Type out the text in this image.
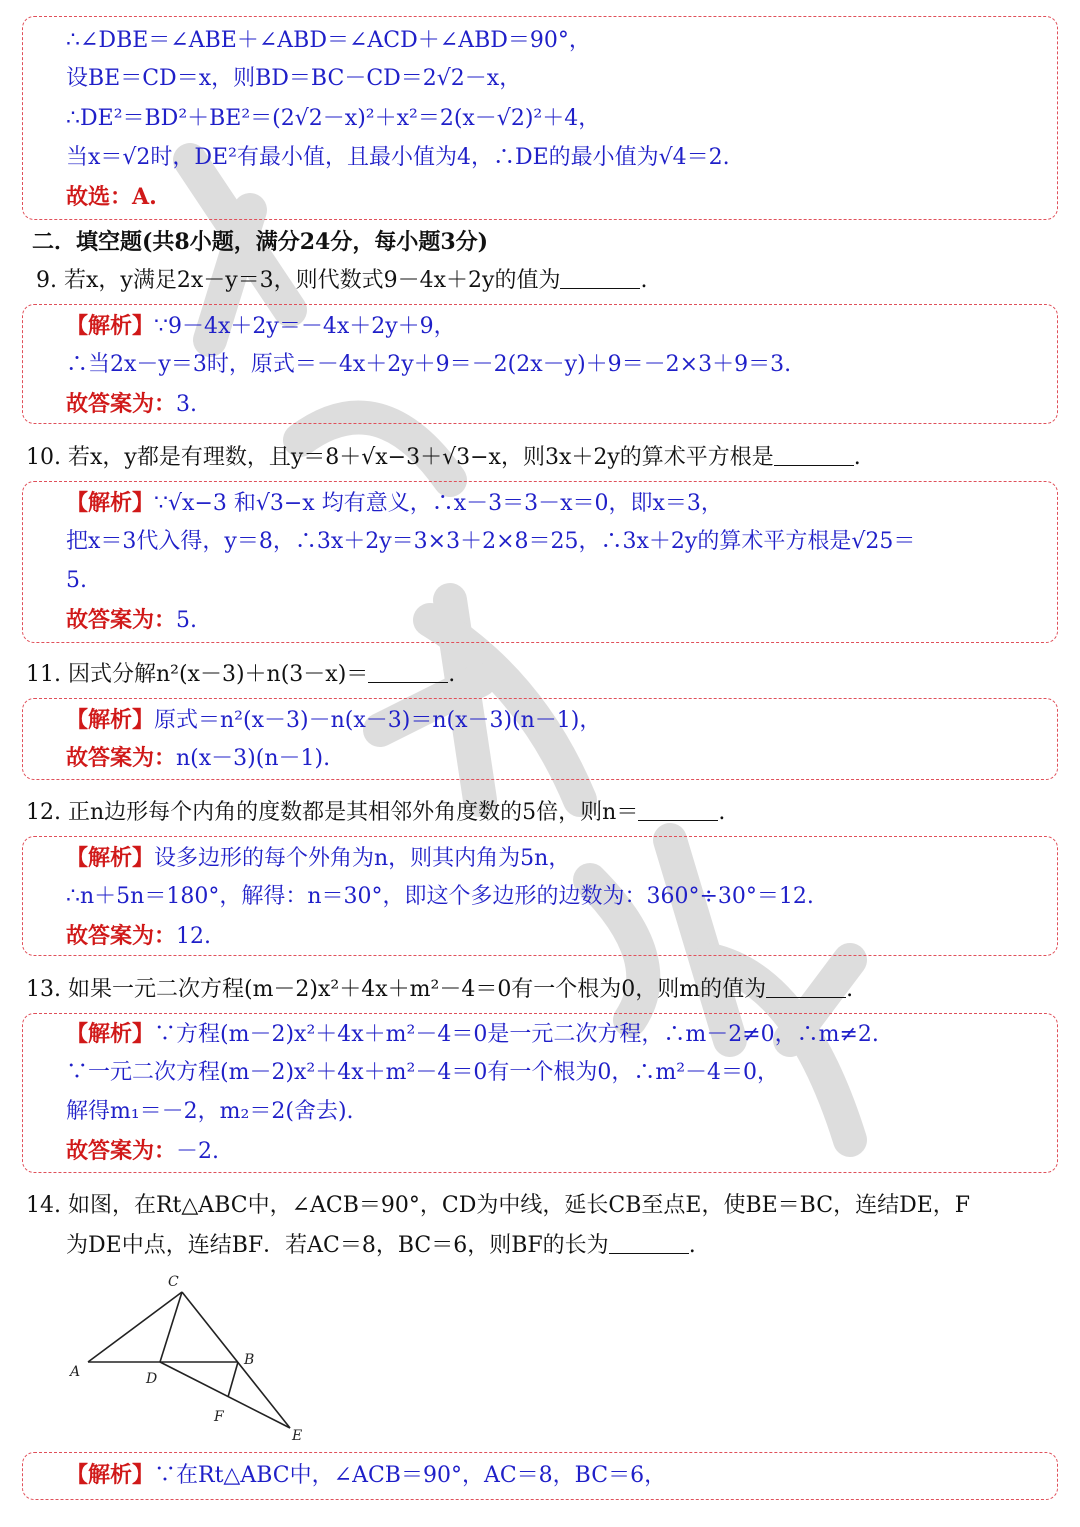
∴∠DBE＝∠ABE＋∠ABD＝∠ACD＋∠ABD＝90°，
设BE＝CD＝x，则BD＝BC－CD＝2√2－x，
∴DE²＝BD²＋BE²＝(2√2－x)²＋x²＝2(x－√2)²＋4，
当x＝√2时，DE²有最小值，且最小值为4，∴DE的最小值为√4＝2.
故选：A.
二．填空题(共8小题，满分24分，每小题3分)
9. 若x，y满足2x－y＝3，则代数式9－4x＋2y的值为	.
【解析】∵9－4x＋2y＝－4x＋2y＋9，
∴当2x－y＝3时，原式＝－4x＋2y＋9＝－2(2x－y)＋9＝－2×3＋9＝3.
故答案为：3.
10. 若x，y都是有理数，且y＝8＋√x−3＋√3−x，则3x＋2y的算术平方根是	.
【解析】∵√x−3 和√3−x 均有意义，∴x－3＝3－x＝0，即x＝3，
把x＝3代入得，y＝8，∴3x＋2y＝3×3＋2×8＝25，∴3x＋2y的算术平方根是√25＝
5.
故答案为：5.
11. 因式分解n²(x－3)＋n(3－x)＝	.
【解析】原式＝n²(x－3)－n(x－3)＝n(x－3)(n－1)，
故答案为：n(x－3)(n－1).
12. 正n边形每个内角的度数都是其相邻外角度数的5倍，则n＝	.
【解析】设多边形的每个外角为n，则其内角为5n，
∴n＋5n＝180°，解得：n＝30°，即这个多边形的边数为：360°÷30°＝12.
故答案为：12.
13. 如果一元二次方程(m－2)x²＋4x＋m²－4＝0有一个根为0，则m的值为	.
【解析】∵方程(m－2)x²＋4x＋m²－4＝0是一元二次方程，∴m－2≠0，∴m≠2.
∵一元二次方程(m－2)x²＋4x＋m²－4＝0有一个根为0，∴m²－4＝0，
解得m₁＝－2，m₂＝2(舍去).
故答案为：－2.
14. 如图，在Rt△ABC中，∠ACB＝90°，CD为中线，延长CB至点E，使BE＝BC，连结DE，F
为DE中点，连结BF．若AC＝8，BC＝6，则BF的长为	.
C
A	D
B
F
E
【解析】∵在Rt△ABC中，∠ACB＝90°，AC＝8，BC＝6，
